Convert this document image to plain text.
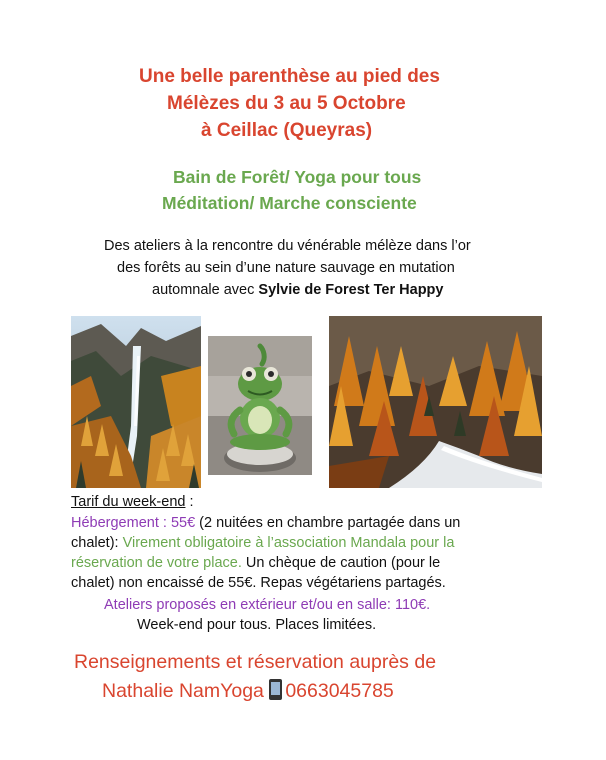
Une belle parenthèse au pied des
Mélèzes du 3 au 5 Octobre
à Ceillac (Queyras)
Bain de Forêt/ Yoga pour tous
Méditation/ Marche consciente
Des ateliers à la rencontre du vénérable mélèze dans l’or
des forêts au sein d’une nature sauvage en mutation
automnale avec Sylvie de Forest Ter Happy
Tarif du week-end :
Hébergement : 55€ (2 nuitées en chambre partagée dans un
chalet): Virement obligatoire à l’association Mandala pour la
réservation de votre place. Un chèque de caution (pour le
chalet) non encaissé de 55€. Repas végétariens partagés.
Ateliers proposés en extérieur et/ou en salle: 110€.
Week-end pour tous. Places limitées.
Renseignements et réservation auprès de
Nathalie NamYoga
0663045785
